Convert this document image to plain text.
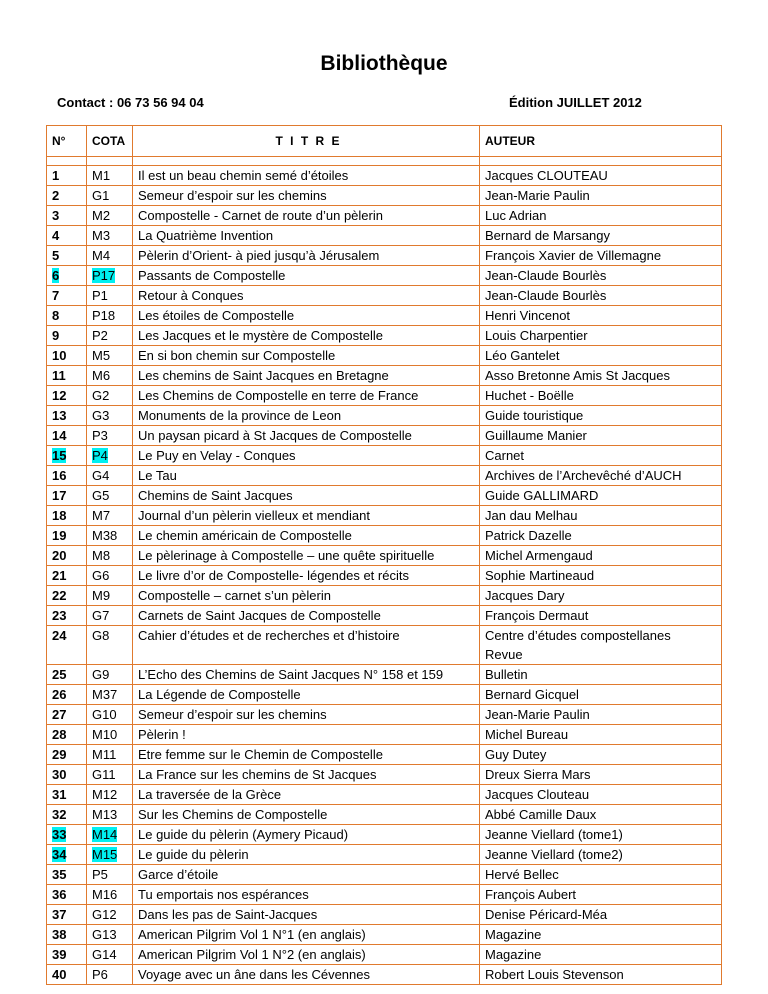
Bibliothèque
Contact : 06 73 56 94 04	Édition JUILLET 2012
N°	COTA	T I T R E	AUTEUR

1	M1	Il est un beau chemin semé d’étoiles	Jacques CLOUTEAU
2	G1	Semeur d’espoir sur les chemins	Jean-Marie Paulin
3	M2	Compostelle - Carnet de route d’un pèlerin	Luc Adrian
4	M3	La Quatrième Invention	Bernard de Marsangy
5	M4	Pèlerin d’Orient- à pied jusqu’à Jérusalem	François Xavier de Villemagne
6	P17	Passants de Compostelle	Jean-Claude Bourlès
7	P1	Retour à Conques	Jean-Claude Bourlès
8	P18	Les étoiles de Compostelle	Henri Vincenot
9	P2	Les Jacques et le mystère de Compostelle	Louis Charpentier
10	M5	En si bon chemin sur Compostelle	Léo Gantelet
11	M6	Les chemins de Saint Jacques en Bretagne	Asso Bretonne Amis St Jacques
12	G2	Les Chemins de Compostelle en terre de France	Huchet - Boëlle
13	G3	Monuments de la province de Leon	Guide touristique
14	P3	Un paysan picard à St Jacques de Compostelle	Guillaume Manier
15	P4	Le Puy en Velay - Conques	Carnet
16	G4	Le Tau	Archives de l’Archevêché d’AUCH
17	G5	Chemins de Saint Jacques	Guide GALLIMARD
18	M7	Journal d’un pèlerin vielleux et mendiant	Jan dau Melhau
19	M38	Le chemin américain de Compostelle	Patrick Dazelle
20	M8	Le pèlerinage à Compostelle – une quête spirituelle	Michel Armengaud
21	G6	Le livre d’or de Compostelle- légendes et récits	Sophie Martineaud
22	M9	Compostelle – carnet s’un pèlerin	Jacques Dary
23	G7	Carnets de Saint Jacques de Compostelle	François Dermaut
24	G8	Cahier d’études et de recherches et d’histoire	Centre d’études compostellanes
Revue

25	G9	L’Echo des Chemins de Saint Jacques N° 158 et 159	Bulletin
26	M37	La Légende de Compostelle	Bernard Gicquel
27	G10	Semeur d’espoir sur les chemins	Jean-Marie Paulin
28	M10	Pèlerin !	Michel Bureau
29	M11	Etre femme sur le Chemin de Compostelle	Guy Dutey
30	G11	La France sur les chemins de St Jacques	Dreux Sierra Mars
31	M12	La traversée de la Grèce	Jacques Clouteau
32	M13	Sur les Chemins de Compostelle	Abbé Camille Daux
33	M14	Le guide du pèlerin (Aymery Picaud)	Jeanne Viellard (tome1)
34	M15	Le guide du pèlerin	Jeanne Viellard (tome2)
35	P5	Garce d’étoile	Hervé Bellec
36	M16	Tu emportais nos espérances	François Aubert
37	G12	Dans les pas de Saint-Jacques	Denise Péricard-Méa
38	G13	American Pilgrim Vol 1 N°1 (en anglais)	Magazine
39	G14	American Pilgrim Vol 1 N°2 (en anglais)	Magazine
40	P6	Voyage avec un âne dans les Cévennes	Robert Louis Stevenson
